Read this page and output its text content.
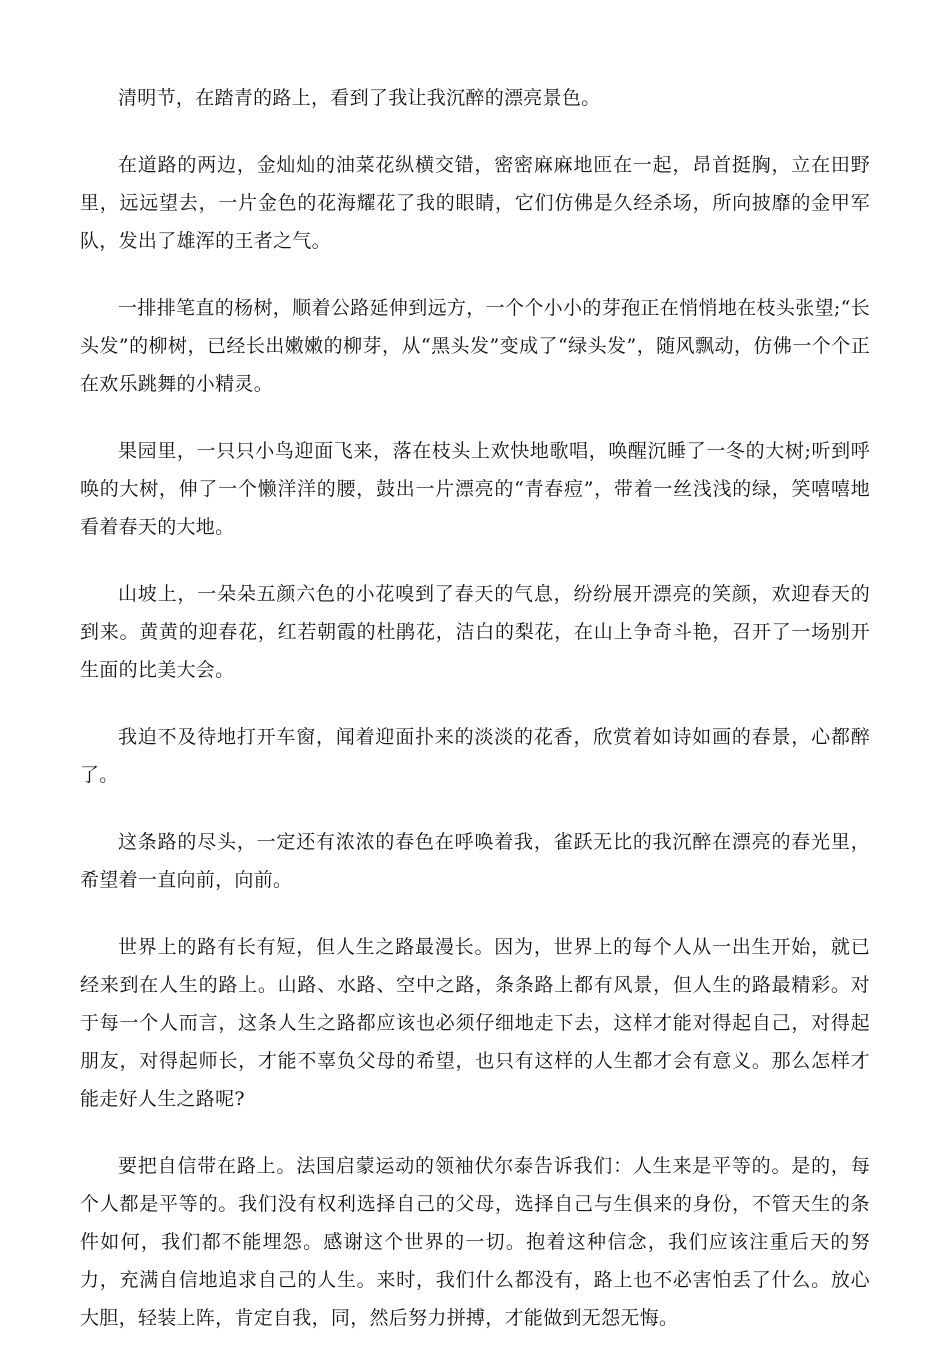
清明节，在踏青的路上，看到了我让我沉醉的漂亮景色。

在道路的两边，金灿灿的油菜花纵横交错，密密麻麻地匝在一起，昂首挺胸，立在田野里，远远望去，一片金色的花海耀花了我的眼睛，它们仿佛是久经杀场，所向披靡的金甲军队，发出了雄浑的王者之气。

一排排笔直的杨树，顺着公路延伸到远方，一个个小小的芽孢正在悄悄地在枝头张望;“长头发”的柳树，已经长出嫩嫩的柳芽，从“黑头发”变成了“绿头发”，随风飘动，仿佛一个个正在欢乐跳舞的小精灵。

果园里，一只只小鸟迎面飞来，落在枝头上欢快地歌唱，唤醒沉睡了一冬的大树;听到呼唤的大树，伸了一个懒洋洋的腰，鼓出一片漂亮的“青春痘”，带着一丝浅浅的绿，笑嘻嘻地看着春天的大地。

山坡上，一朵朵五颜六色的小花嗅到了春天的气息，纷纷展开漂亮的笑颜，欢迎春天的到来。黄黄的迎春花，红若朝霞的杜鹃花，洁白的梨花，在山上争奇斗艳，召开了一场别开生面的比美大会。

我迫不及待地打开车窗，闻着迎面扑来的淡淡的花香，欣赏着如诗如画的春景，心都醉了。

这条路的尽头，一定还有浓浓的春色在呼唤着我，雀跃无比的我沉醉在漂亮的春光里，希望着一直向前，向前。

世界上的路有长有短，但人生之路最漫长。因为，世界上的每个人从一出生开始，就已经来到在人生的路上。山路、水路、空中之路，条条路上都有风景，但人生的路最精彩。对于每一个人而言，这条人生之路都应该也必须仔细地走下去，这样才能对得起自己，对得起朋友，对得起师长，才能不辜负父母的希望，也只有这样的人生都才会有意义。那么怎样才能走好人生之路呢?

要把自信带在路上。法国启蒙运动的领袖伏尔泰告诉我们：人生来是平等的。是的，每个人都是平等的。我们没有权利选择自己的父母，选择自己与生俱来的身份，不管天生的条件如何，我们都不能埋怨。感谢这个世界的一切。抱着这种信念，我们应该注重后天的努力，充满自信地追求自己的人生。来时，我们什么都没有，路上也不必害怕丢了什么。放心大胆，轻装上阵，肯定自我，同，然后努力拼搏，才能做到无怨无悔。
